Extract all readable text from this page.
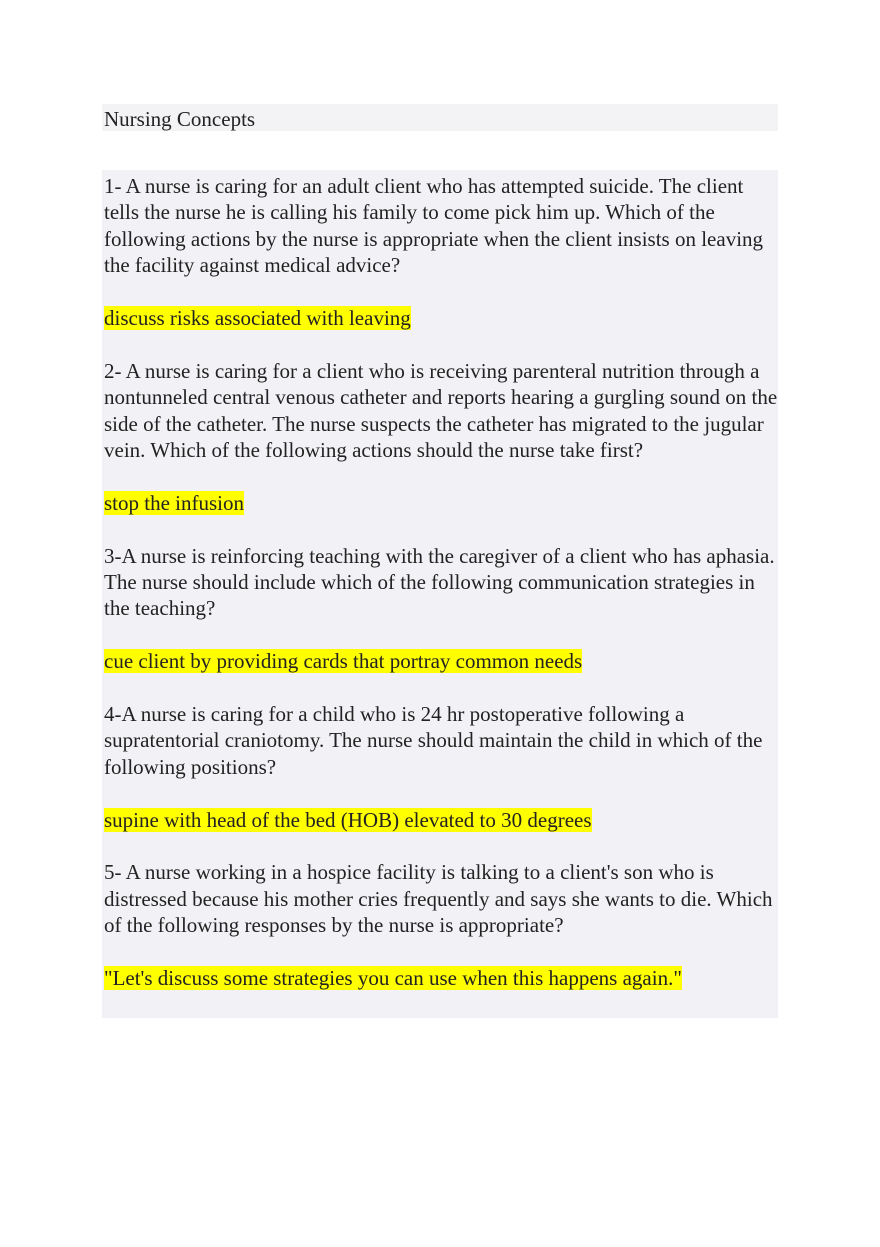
Nursing Concepts

1- A nurse is caring for an adult client who has attempted suicide. The client tells the nurse he is calling his family to come pick him up. Which of the following actions by the nurse is appropriate when the client insists on leaving the facility against medical advice?

discuss risks associated with leaving

2- A nurse is caring for a client who is receiving parenteral nutrition through a nontunneled central venous catheter and reports hearing a gurgling sound on the side of the catheter. The nurse suspects the catheter has migrated to the jugular vein. Which of the following actions should the nurse take first?

stop the infusion

3-A nurse is reinforcing teaching with the caregiver of a client who has aphasia. The nurse should include which of the following communication strategies in the teaching?

cue client by providing cards that portray common needs

4-A nurse is caring for a child who is 24 hr postoperative following a supratentorial craniotomy. The nurse should maintain the child in which of the following positions?

supine with head of the bed (HOB) elevated to 30 degrees

5- A nurse working in a hospice facility is talking to a client's son who is distressed because his mother cries frequently and says she wants to die. Which of the following responses by the nurse is appropriate?

"Let's discuss some strategies you can use when this happens again."
